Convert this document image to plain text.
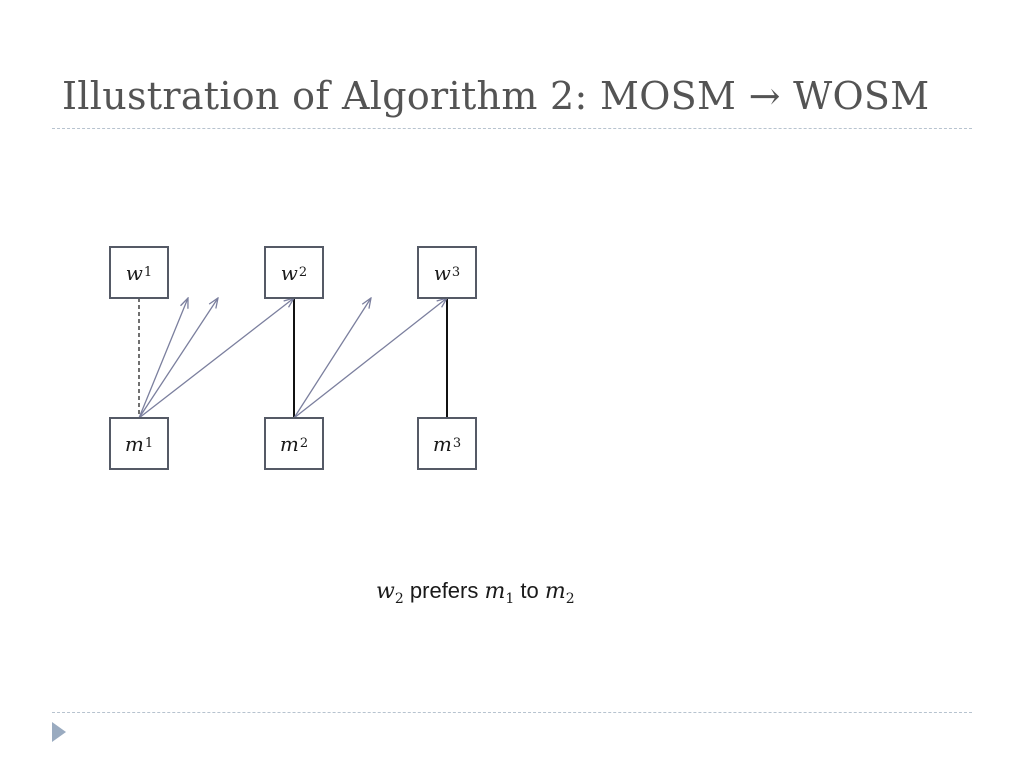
Illustration of Algorithm 2: MOSM → WOSM
w 1	w 2	w 3
m 1	m 2	m 3
$w_2$ prefers $m_1$ to $m_2$
